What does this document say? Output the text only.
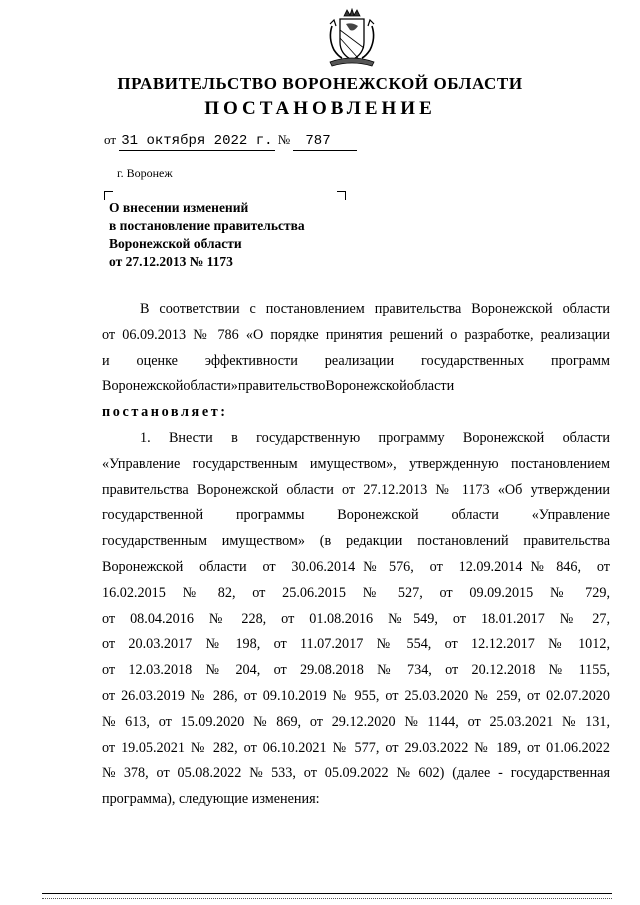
ПРАВИТЕЛЬСТВО ВОРОНЕЖСКОЙ ОБЛАСТИ
ПОСТАНОВЛЕНИЕ
от 31 октября 2022 г. № 787
г. Воронеж
О внесении изменений
в постановление правительства
Воронежской области
от 27.12.2013 № 1173
В соответствии с постановлением правительства Воронежской области
от 06.09.2013 № 786 «О порядке принятия решений о разработке, реализации
и оценке эффективности реализации государственных программ
Воронежской области» правительство Воронежской области
постановляет:
1.  Внести  в  государственную  программу  Воронежской  области
«Управление государственным имуществом», утвержденную постановлением
правительства Воронежской области от 27.12.2013 № 1173 «Об утверждении
государственной программы Воронежской области «Управление
государственным  имуществом»  (в  редакции  постановлений  правительства
Воронежской  области  от  30.06.2014 № 576,  от  12.09.2014 № 846,  от
16.02.2015  №  82,  от  25.06.2015  №  527,  от  09.09.2015  №  729,
от  08.04.2016  №  228,  от  01.08.2016  № 549,  от  18.01.2017  №  27,
от  20.03.2017  №  198,  от  11.07.2017  №  554,  от  12.12.2017  №  1012,
от  12.03.2018  №  204,  от  29.08.2018  №  734,  от  20.12.2018  №  1155,
от 26.03.2019 № 286, от 09.10.2019 № 955, от 25.03.2020 № 259, от 02.07.2020
№  613,  от  15.09.2020  №  869,  от  29.12.2020  №  1144,  от  25.03.2021  №  131,
от 19.05.2021 № 282, от 06.10.2021 № 577, от 29.03.2022 № 189, от 01.06.2022
№  378,  от  05.08.2022  №  533,  от  05.09.2022  №  602)  (далее  -  государственная
программа), следующие изменения:
